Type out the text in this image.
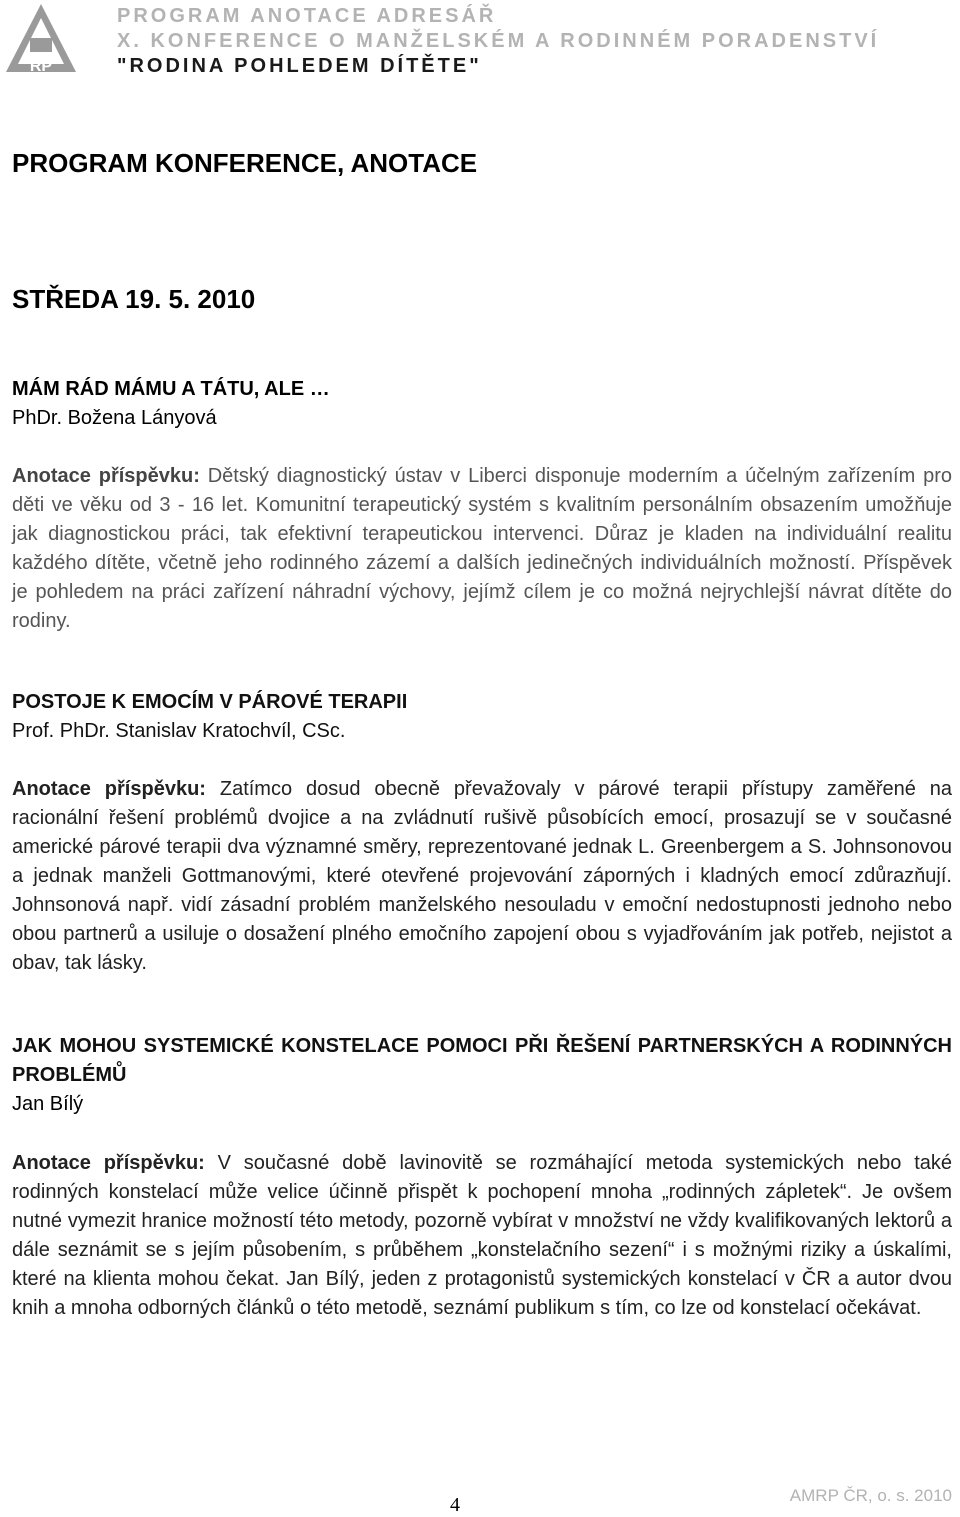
RP
PROGRAM ANOTACE ADRESÁŘ
X. KONFERENCE O MANŽELSKÉM A RODINNÉM PORADENSTVÍ
"RODINA POHLEDEM DÍTĚTE"
PROGRAM KONFERENCE, ANOTACE
STŘEDA 19. 5. 2010

MÁM RÁD MÁMU A TÁTU, ALE …

PhDr. Božena Lányová

Anotace příspěvku: Dětský diagnostický ústav v Liberci disponuje moderním a účelným zařízením pro děti ve věku od 3 - 16 let. Komunitní terapeutický systém s kvalitním personálním obsazením umožňuje jak diagnostickou práci, tak efektivní terapeutickou intervenci. Důraz je kladen na individuální realitu každého dítěte, včetně jeho rodinného zázemí a dalších jedinečných individuálních možností. Příspěvek je pohledem na práci zařízení náhradní výchovy, jejímž cílem je co možná nejrychlejší návrat dítěte do rodiny.

POSTOJE K EMOCÍM V PÁROVÉ TERAPII

Prof. PhDr. Stanislav Kratochvíl, CSc.

Anotace příspěvku: Zatímco dosud obecně převažovaly v párové terapii přístupy zaměřené na racionální řešení problémů dvojice a na zvládnutí rušivě působících emocí, prosazují se v současné americké párové terapii dva významné směry, reprezentované jednak L. Greenbergem a S. Johnsonovou a jednak manželi Gottmanovými, které otevřené projevování záporných i kladných emocí zdůrazňují. Johnsonová např. vidí zásadní problém manželského nesouladu v emoční nedostupnosti jednoho nebo obou partnerů a usiluje o dosažení plného emočního zapojení obou s vyjadřováním jak potřeb, nejistot a obav, tak lásky.

JAK MOHOU SYSTEMICKÉ KONSTELACE POMOCI PŘI ŘEŠENÍ PARTNERSKÝCH A RODINNÝCH PROBLÉMŮ

Jan Bílý

Anotace příspěvku: V současné době lavinovitě se rozmáhající metoda systemických nebo také rodinných konstelací může velice účinně přispět k pochopení mnoha „rodinných zápletek“. Je ovšem nutné vymezit hranice možností této metody, pozorně vybírat v množství ne vždy kvalifikovaných lektorů a dále seznámit se s jejím působením, s průběhem „konstelačního sezení“ i s možnými riziky a úskalími, které na klienta mohou čekat. Jan Bílý, jeden z protagonistů systemických konstelací v ČR a autor dvou knih a mnoha odborných článků o této metodě, seznámí publikum s tím, co lze od konstelací očekávat.

4	AMRP ČR, o. s. 2010
